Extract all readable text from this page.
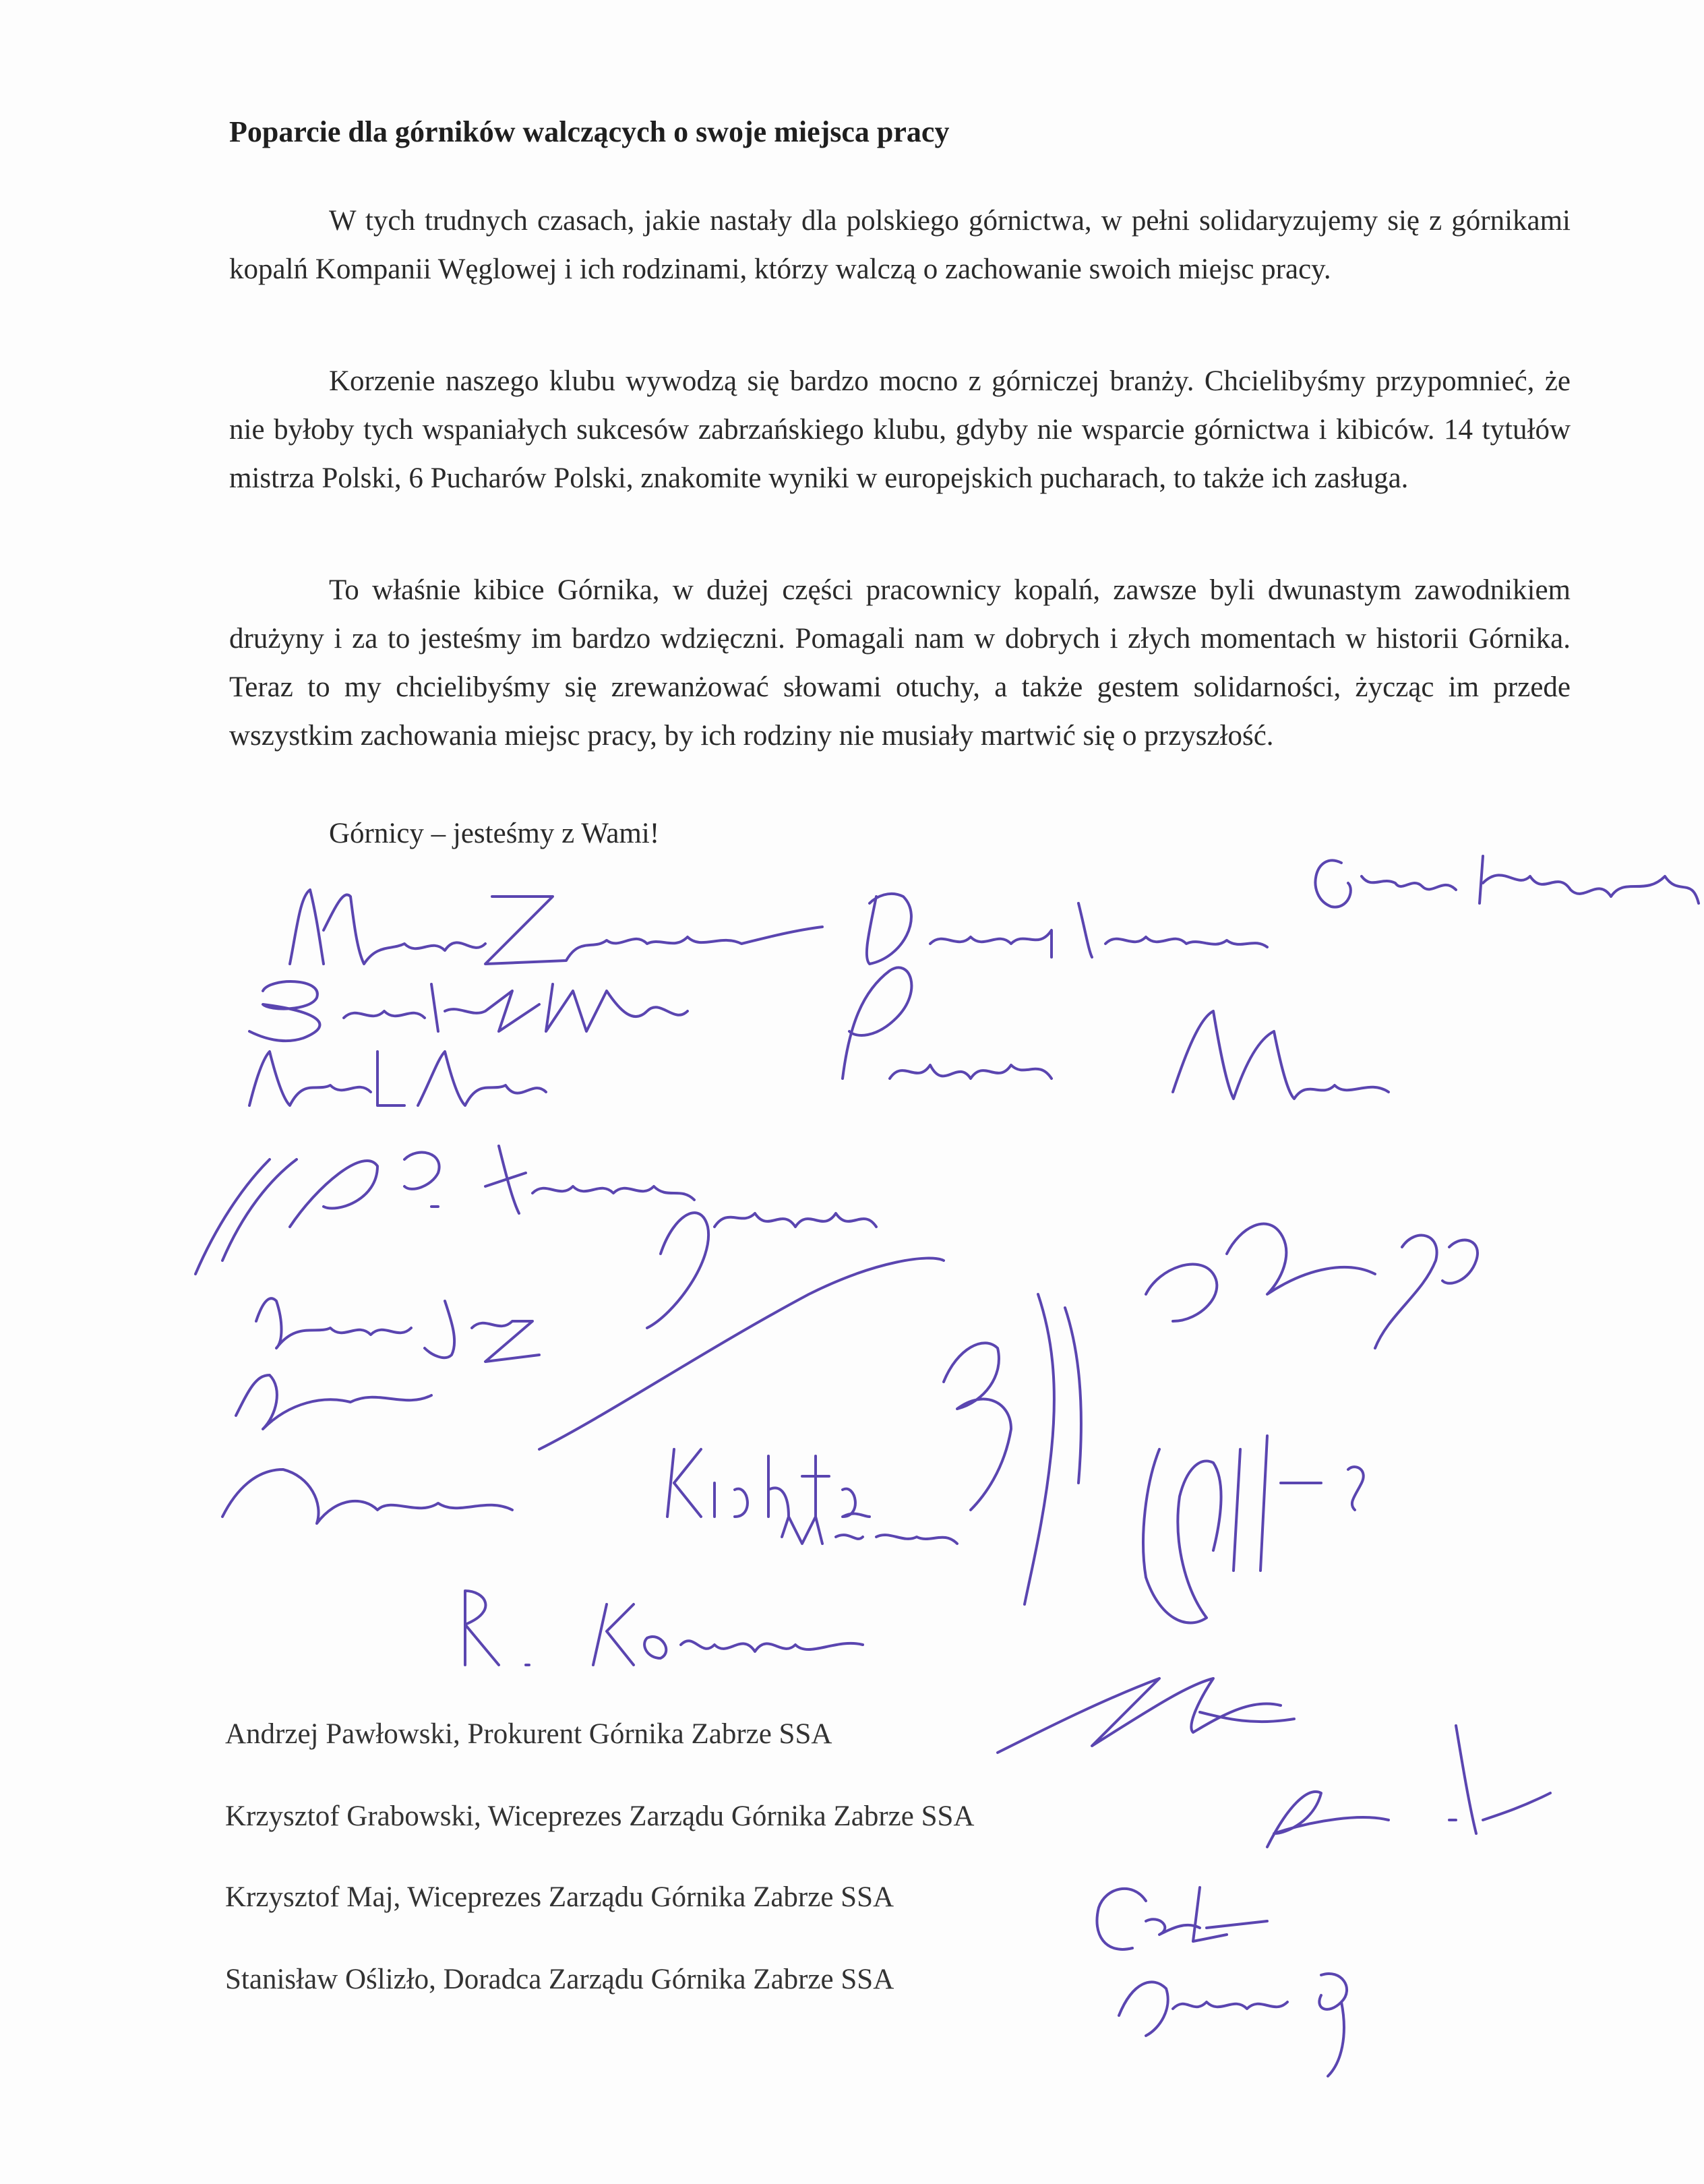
Poparcie dla górników walczących o swoje miejsca pracy

W tych trudnych czasach, jakie nastały dla polskiego górnictwa, w pełni solidaryzujemy się z górnikami kopalń Kompanii Węglowej i ich rodzinami, którzy walczą o zachowanie swoich miejsc pracy.

Korzenie naszego klubu wywodzą się bardzo mocno z górniczej branży. Chcielibyśmy przypomnieć, że nie byłoby tych wspaniałych sukcesów zabrzańskiego klubu, gdyby nie wsparcie górnictwa i kibiców. 14 tytułów mistrza Polski, 6 Pucharów Polski, znakomite wyniki w europejskich pucharach, to także ich zasługa.

To właśnie kibice Górnika, w dużej części pracownicy kopalń, zawsze byli dwunastym zawodnikiem drużyny i za to jesteśmy im bardzo wdzięczni. Pomagali nam w dobrych i złych momentach w historii Górnika. Teraz to my chcielibyśmy się zrewanżować słowami otuchy, a także gestem solidarności, życząc im przede wszystkim zachowania miejsc pracy, by ich rodziny nie musiały martwić się o przyszłość.

Górnicy – jesteśmy z Wami!
Andrzej Pawłowski, Prokurent Górnika Zabrze SSA
Krzysztof Grabowski, Wiceprezes Zarządu Górnika Zabrze SSA
Krzysztof Maj, Wiceprezes Zarządu Górnika Zabrze SSA
Stanisław Oślizło, Doradca Zarządu Górnika Zabrze SSA
